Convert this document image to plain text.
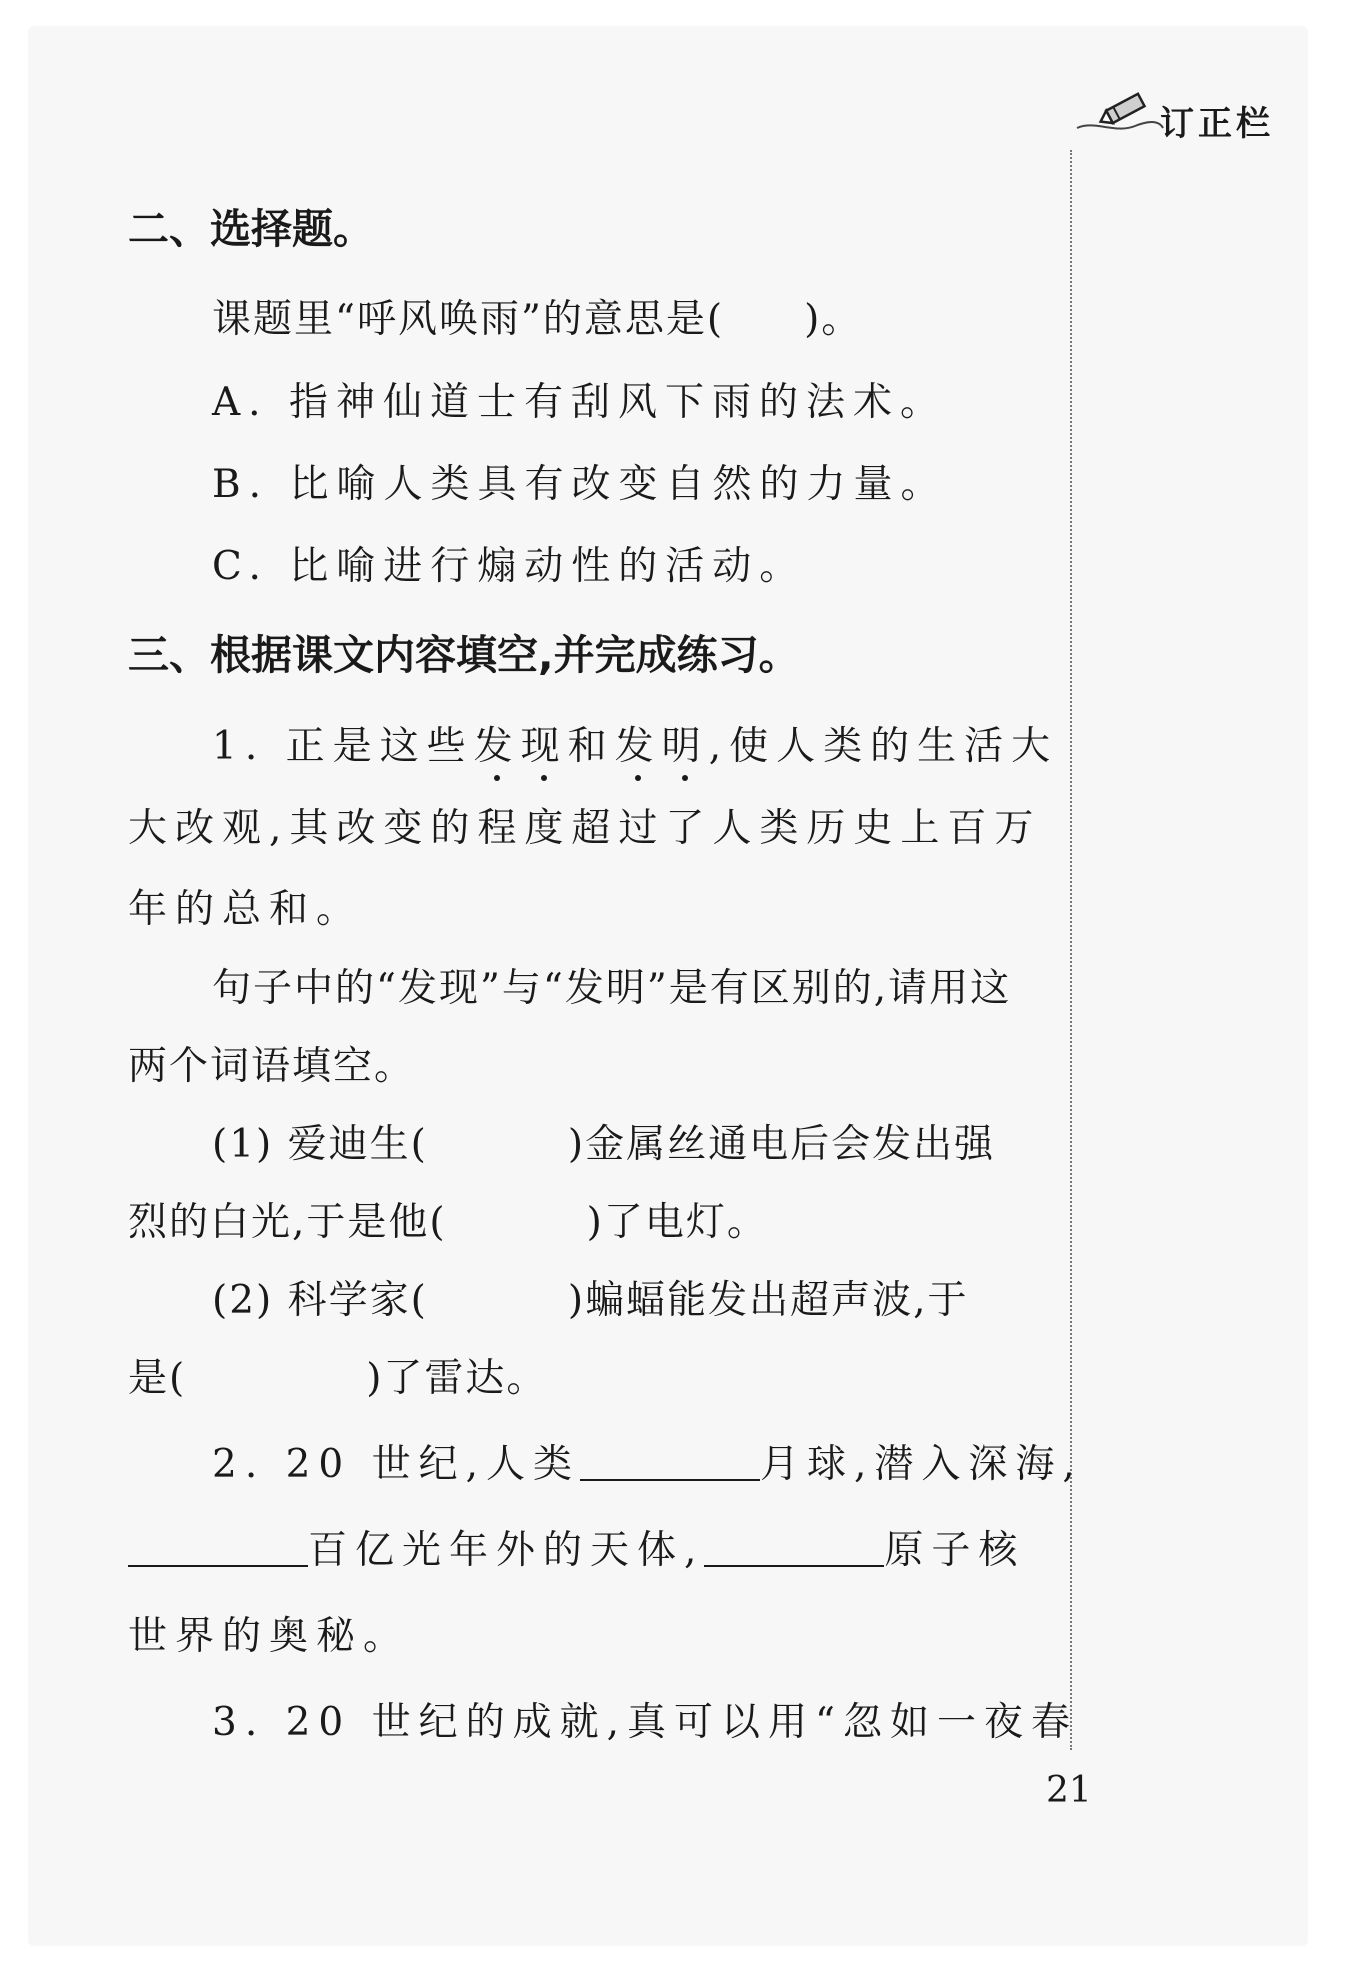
订正栏
二、选择题。
课题里“呼风唤雨”的意思是( )。
A. 指神仙道士有刮风下雨的法术。
B. 比喻人类具有改变自然的力量。
C. 比喻进行煽动性的活动。
三、根据课文内容填空,并完成练习。
1. 正是这些发现和发明,使人类的生活大
大改观,其改变的程度超过了人类历史上百万
年的总和。
句子中的“发现”与“发明”是有区别的,请用这
两个词语填空。
(1) 爱迪生(	)金属丝通电后会发出强
烈的白光,于是他(	)了电灯。
(2) 科学家(	)蝙蝠能发出超声波,于
是(	)了雷达。
2. 20 世纪,人类	月球,潜入深海,
百亿光年外的天体,	原子核
世界的奥秘。
3. 20 世纪的成就,真可以用“忽如一夜春
21
